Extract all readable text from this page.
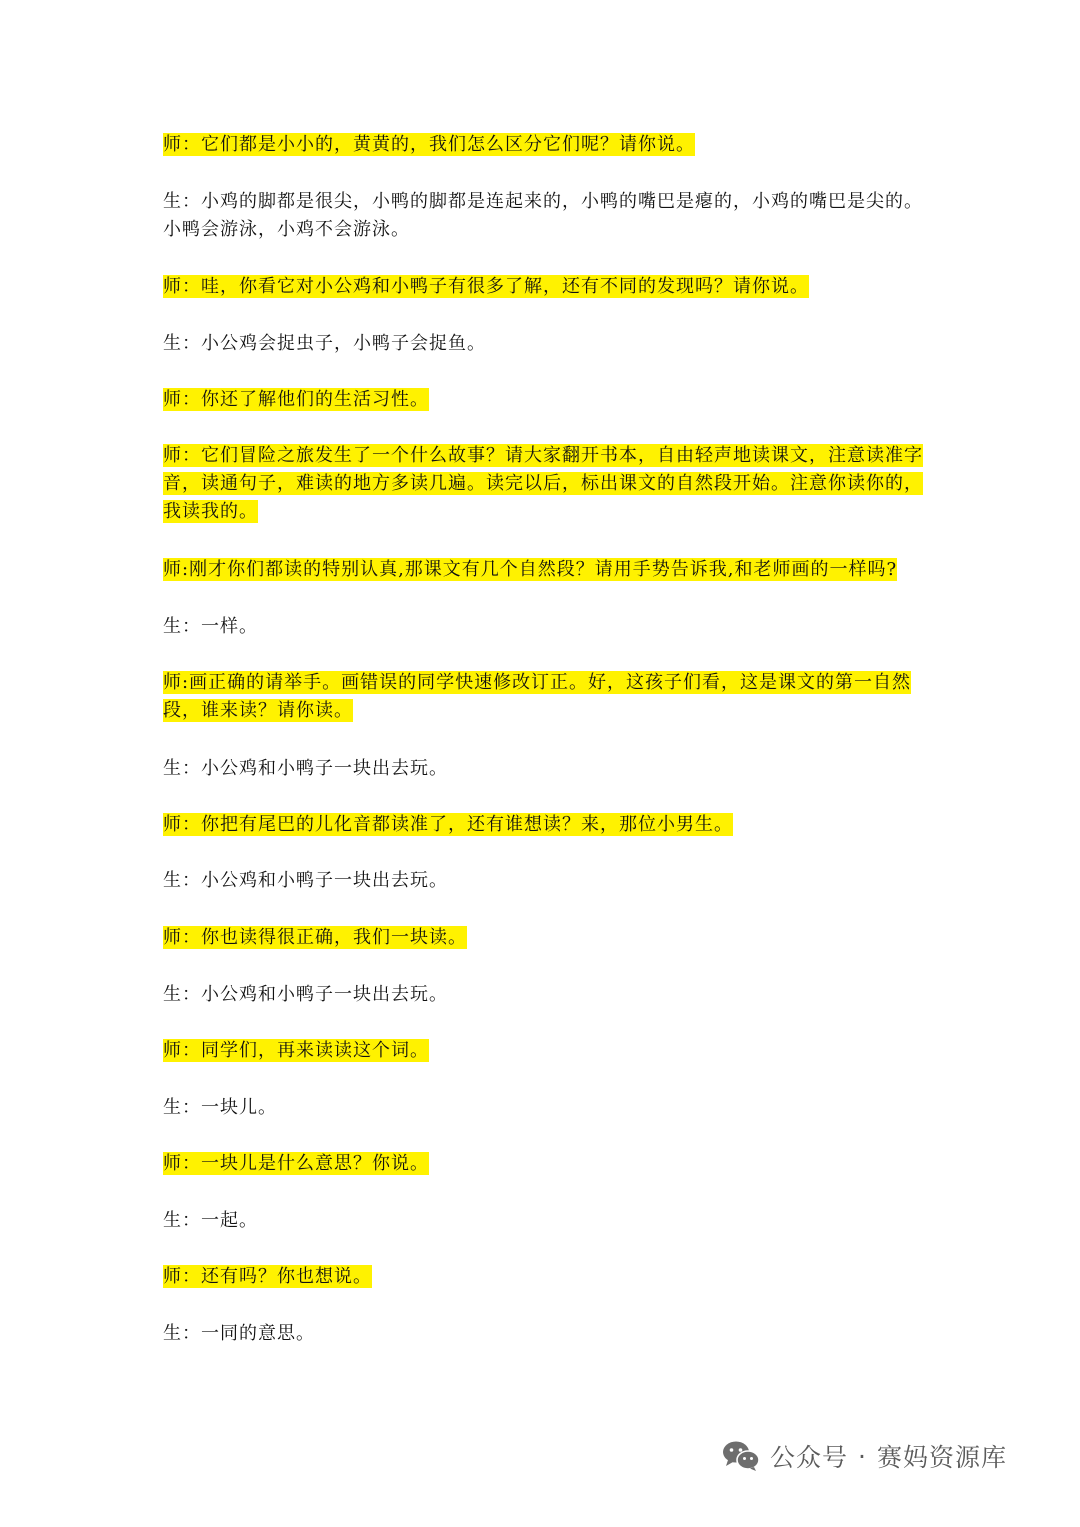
师：它们都是小小的，黄黄的，我们怎么区分它们呢？请你说。

生：小鸡的脚都是很尖，小鸭的脚都是连起来的，小鸭的嘴巴是瘪的，小鸡的嘴巴是尖的。小鸭会游泳，小鸡不会游泳。

师：哇，你看它对小公鸡和小鸭子有很多了解，还有不同的发现吗？请你说。

生：小公鸡会捉虫子，小鸭子会捉鱼。

师：你还了解他们的生活习性。

师：它们冒险之旅发生了一个什么故事？请大家翻开书本，自由轻声地读课文，注意读准字音，读通句子，难读的地方多读几遍。读完以后，标出课文的自然段开始。注意你读你的，我读我的。

师:刚才你们都读的特别认真,那课文有几个自然段？请用手势告诉我,和老师画的一样吗?

生：一样。

师:画正确的请举手。画错误的同学快速修改订正。好，这孩子们看，这是课文的第一自然段，谁来读？请你读。

生：小公鸡和小鸭子一块出去玩。

师：你把有尾巴的儿化音都读准了，还有谁想读？来，那位小男生。

生：小公鸡和小鸭子一块出去玩。

师：你也读得很正确，我们一块读。

生：小公鸡和小鸭子一块出去玩。

师：同学们，再来读读这个词。

生：一块儿。

师：一块儿是什么意思？你说。

生：一起。

师：还有吗？你也想说。

生：一同的意思。

公众号 · 赛妈资源库
